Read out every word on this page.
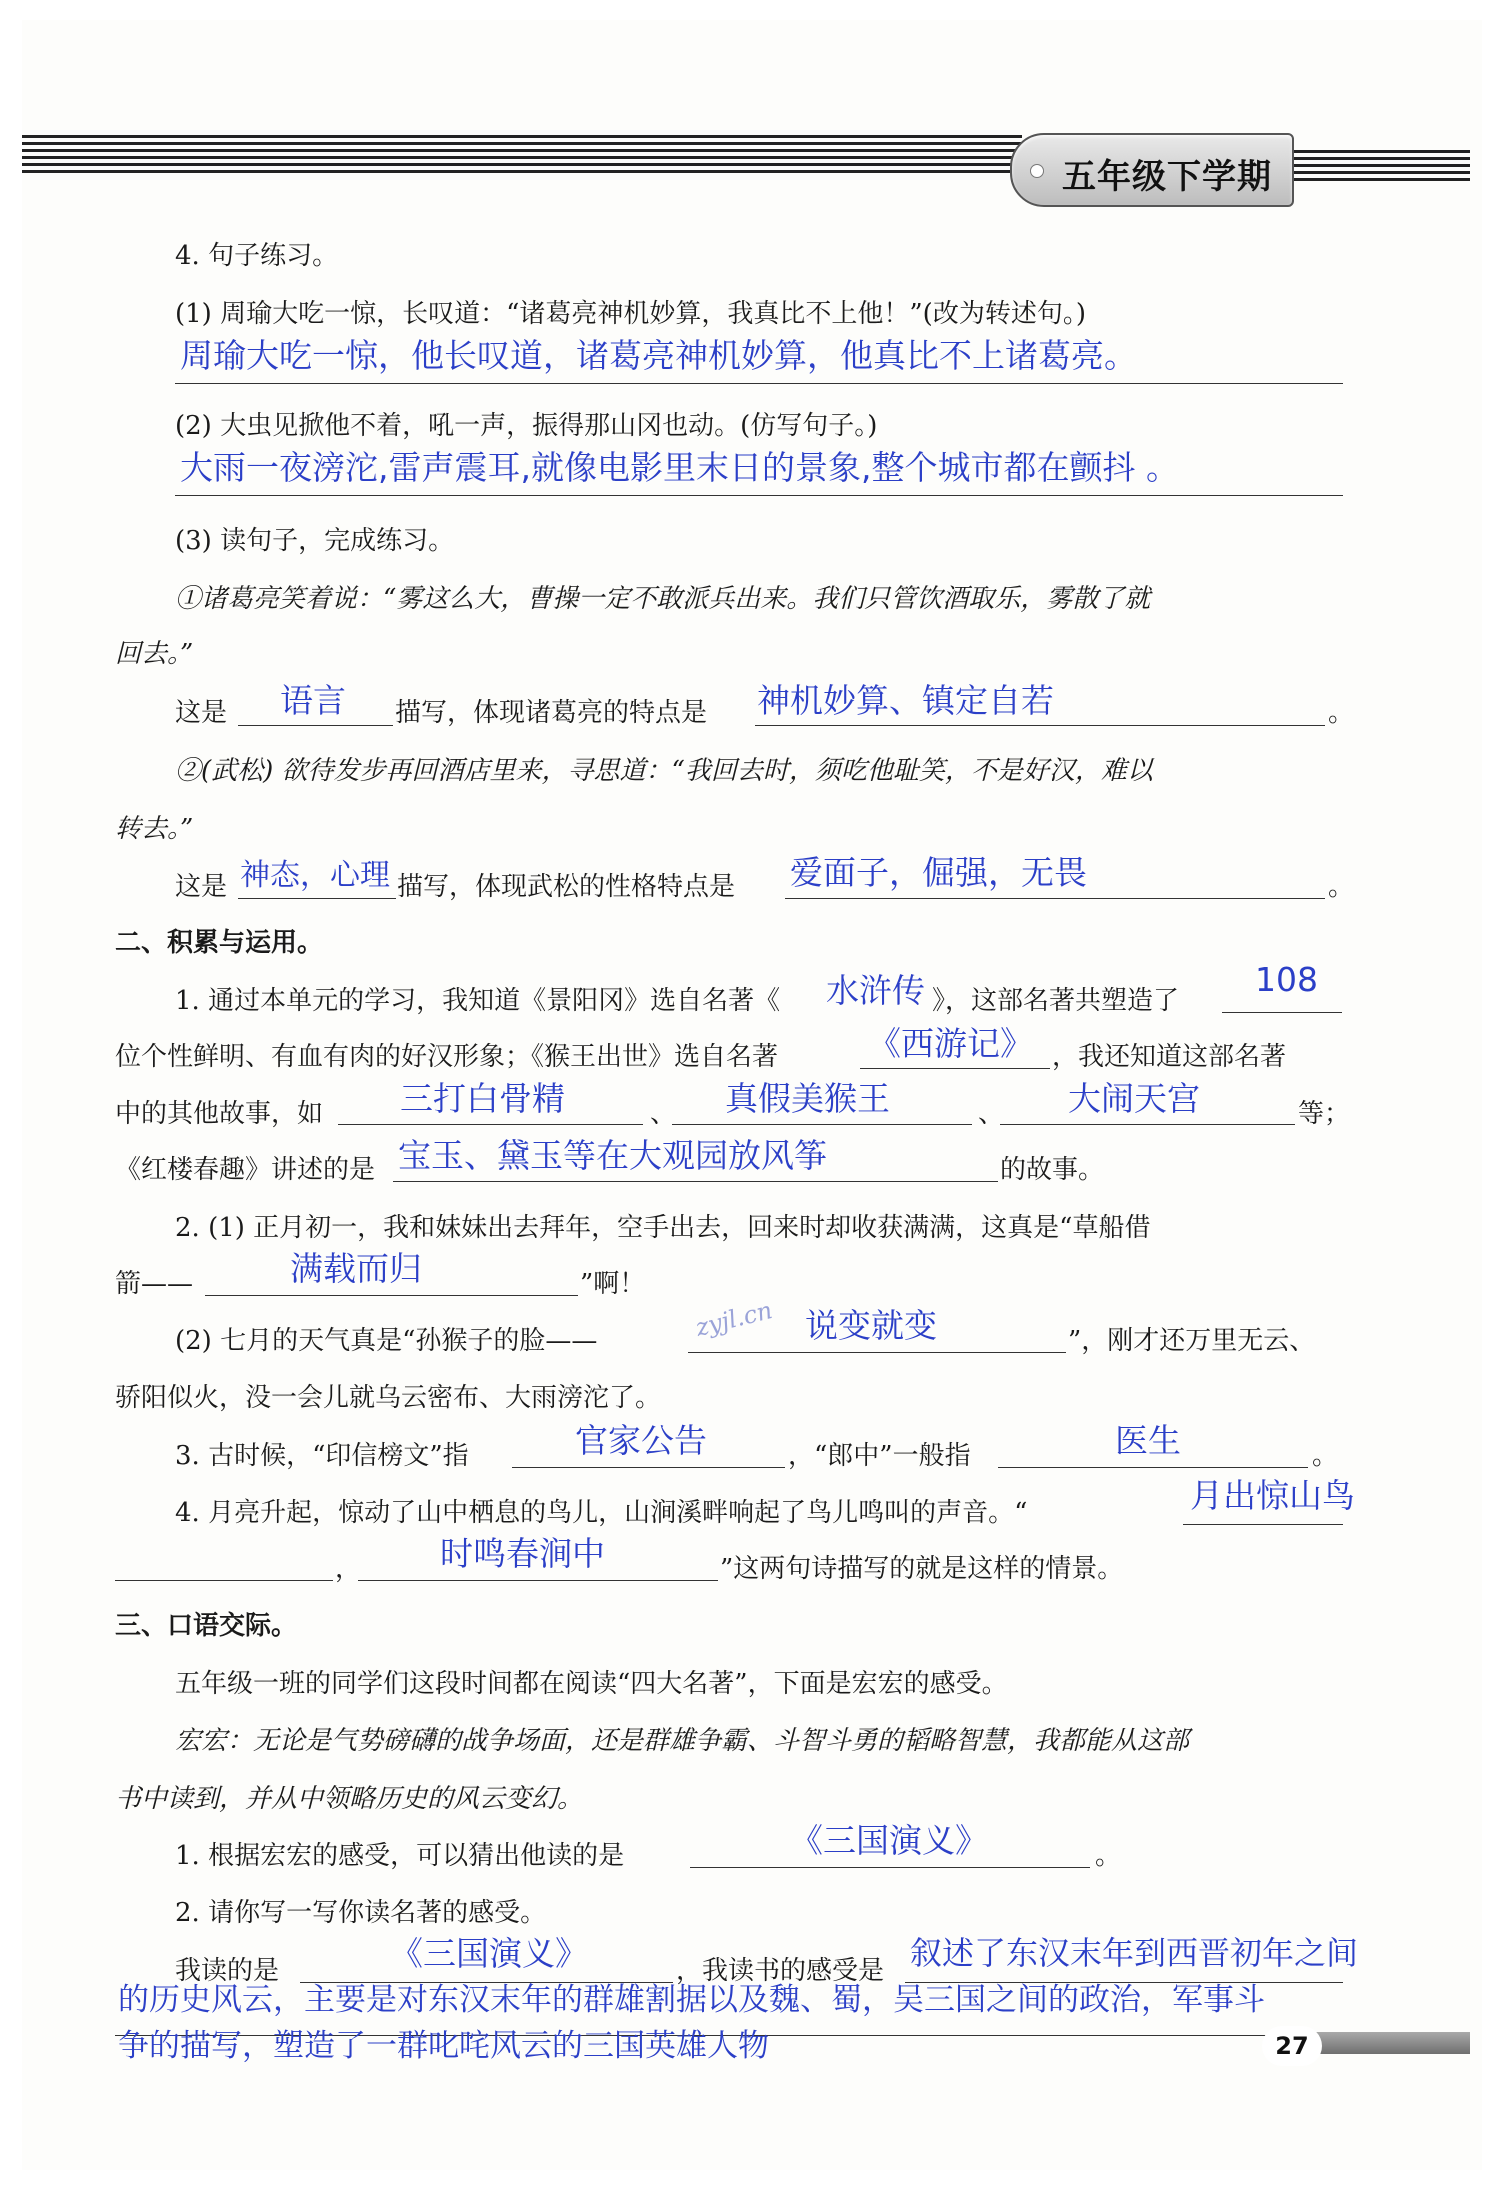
五年级下学期
4. 句子练习。
(1) 周瑜大吃一惊，长叹道：“诸葛亮神机妙算，我真比不上他！”(改为转述句。)
周瑜大吃一惊，他长叹道，诸葛亮神机妙算，他真比不上诸葛亮。
(2) 大虫见掀他不着，吼一声，振得那山冈也动。(仿写句子。)
大雨一夜滂沱,雷声震耳,就像电影里末日的景象,整个城市都在颤抖 。
(3) 读句子，完成练习。
①诸葛亮笑着说：“雾这么大，曹操一定不敢派兵出来。我们只管饮酒取乐，雾散了就
回去。”
这是 语言 描写，体现诸葛亮的特点是 神机妙算、镇定自若	。
②(武松) 欲待发步再回酒店里来，寻思道：“我回去时，须吃他耻笑，不是好汉，难以
转去。”
这是 神态，心理 描写，体现武松的性格特点是 爱面子，倔强，无畏	。
二、积累与运用。
1. 通过本单元的学习，我知道《景阳冈》选自名著《 水浒传 》，这部名著共塑造了
108
位个性鲜明、有血有肉的好汉形象；《猴王出世》选自名著	《西游记》 ，我还知道这部名著
中的其他故事，如 三打白骨精	、 真假美猴王	、 大闹天宫	等；
《红楼春趣》讲述的是 宝玉、黛玉等在大观园放风筝	的故事。
2. (1) 正月初一，我和妹妹出去拜年，空手出去，回来时却收获满满，这真是“草船借
箭——	满载而归	”啊！
zyjl.cn
(2) 七月的天气真是“孙猴子的脸——	说变就变	”，刚才还万里无云、
骄阳似火，没一会儿就乌云密布、大雨滂沱了。
3. 古时候，“印信榜文”指	官家公告	，“郎中”一般指	医生	。
4. 月亮升起，惊动了山中栖息的鸟儿，山涧溪畔响起了鸟儿鸣叫的声音。“	月出惊山鸟
， 时鸣春涧中	”这两句诗描写的就是这样的情景。
三、口语交际。
五年级一班的同学们这段时间都在阅读“四大名著”，下面是宏宏的感受。
宏宏：无论是气势磅礴的战争场面，还是群雄争霸、斗智斗勇的韬略智慧，我都能从这部
书中读到，并从中领略历史的风云变幻。
1. 根据宏宏的感受，可以猜出他读的是	《三国演义》	。
2. 请你写一写你读名著的感受。
我读的是	《三国演义》	，我读书的感受是 叙述了东汉末年到西晋初年之间
的历史风云，主要是对东汉末年的群雄割据以及魏、蜀，吴三国之间的政治，军事斗
争的描写，塑造了一群叱咤风云的三国英雄人物	27
